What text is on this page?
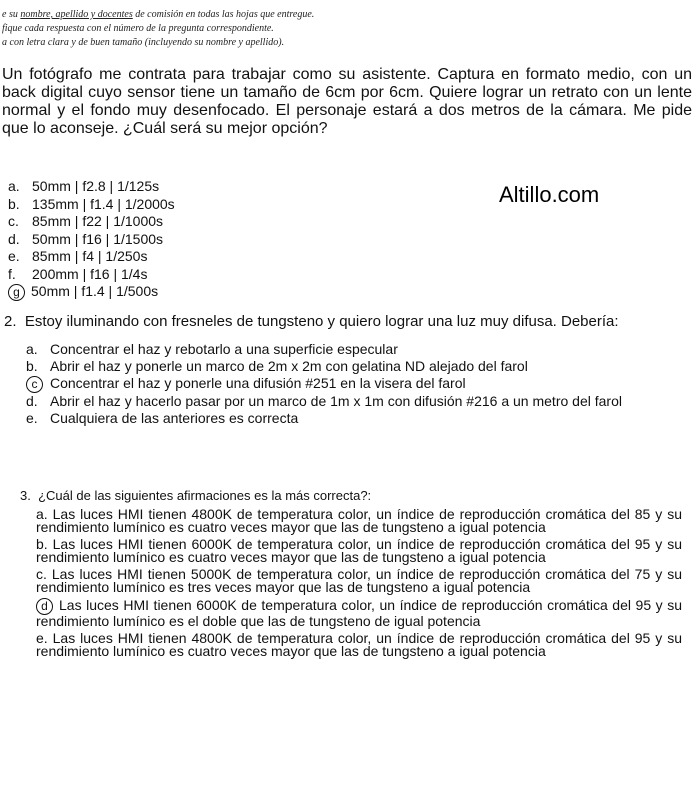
e su nombre, apellido y docentes de comisión en todas las hojas que entregue.
fique cada respuesta con el número de la pregunta correspondiente.
a con letra clara y de buen tamaño (incluyendo su nombre y apellido).
Un fotógrafo me contrata para trabajar como su asistente. Captura en formato medio, con un back digital cuyo sensor tiene un tamaño de 6cm por 6cm. Quiere lograr un retrato con un lente normal y el fondo muy desenfocado. El personaje estará a dos metros de la cámara. Me pide que lo aconseje. ¿Cuál será su mejor opción?
Altillo.com
a. 50mm | f2.8 | 1/125s
b. 135mm | f1.4 | 1/2000s
c. 85mm | f22 | 1/1000s
d. 50mm | f16 | 1/1500s
e. 85mm | f4 | 1/250s
f. 200mm | f16 | 1/4s
g 50mm | f1.4 | 1/500s
2. Estoy iluminando con fresneles de tungsteno y quiero lograr una luz muy difusa. Debería:
a. Concentrar el haz y rebotarlo a una superficie especular
b. Abrir el haz y ponerle un marco de 2m x 2m con gelatina ND alejado del farol
c Concentrar el haz y ponerle una difusión #251 en la visera del farol
d. Abrir el haz y hacerlo pasar por un marco de 1m x 1m con difusión #216 a un metro del farol
e. Cualquiera de las anteriores es correcta
3. ¿Cuál de las siguientes afirmaciones es la más correcta?:
a. Las luces HMI tienen 4800K de temperatura color, un índice de reproducción cromática del 85 y su rendimiento lumínico es cuatro veces mayor que las de tungsteno a igual potencia
b. Las luces HMI tienen 6000K de temperatura color, un índice de reproducción cromática del 95 y su rendimiento lumínico es cuatro veces mayor que las de tungsteno a igual potencia
c. Las luces HMI tienen 5000K de temperatura color, un índice de reproducción cromática del 75 y su rendimiento lumínico es tres veces mayor que las de tungsteno a igual potencia
d Las luces HMI tienen 6000K de temperatura color, un índice de reproducción cromática del 95 y su rendimiento lumínico es el doble que las de tungsteno de igual potencia
e. Las luces HMI tienen 4800K de temperatura color, un índice de reproducción cromática del 95 y su rendimiento lumínico es cuatro veces mayor que las de tungsteno a igual potencia
